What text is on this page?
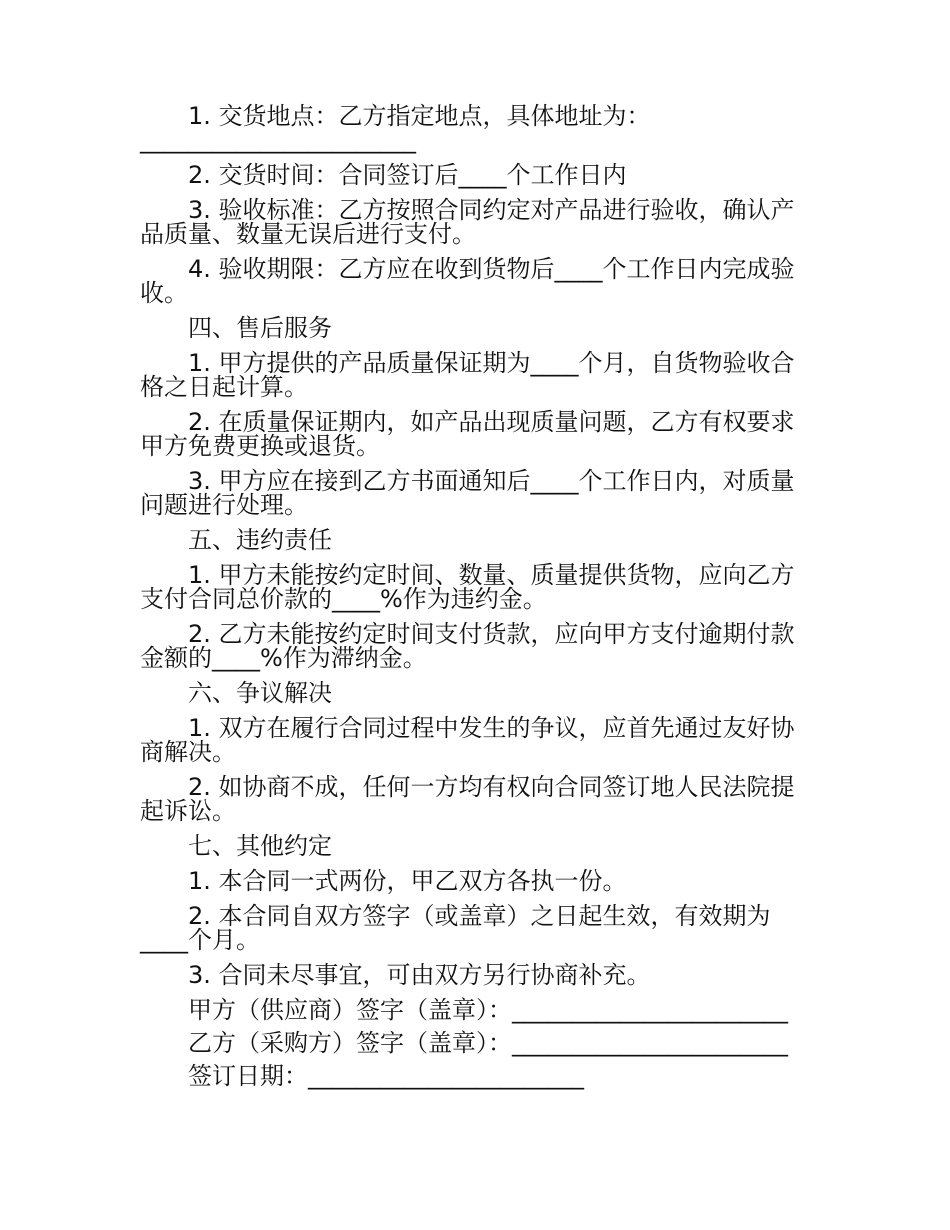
1. 交货地点：乙方指定地点，具体地址为：_______________________

2. 交货时间：合同签订后____个工作日内

3. 验收标准：乙方按照合同约定对产品进行验收，确认产品质量、数量无误后进行支付。

4. 验收期限：乙方应在收到货物后____个工作日内完成验收。

四、售后服务

1. 甲方提供的产品质量保证期为____个月，自货物验收合格之日起计算。

2. 在质量保证期内，如产品出现质量问题，乙方有权要求甲方免费更换或退货。

3. 甲方应在接到乙方书面通知后____个工作日内，对质量问题进行处理。

五、违约责任

1. 甲方未能按约定时间、数量、质量提供货物，应向乙方支付合同总价款的____%作为违约金。

2. 乙方未能按约定时间支付货款，应向甲方支付逾期付款金额的____%作为滞纳金。

六、争议解决

1. 双方在履行合同过程中发生的争议，应首先通过友好协商解决。

2. 如协商不成，任何一方均有权向合同签订地人民法院提起诉讼。

七、其他约定

1. 本合同一式两份，甲乙双方各执一份。

2. 本合同自双方签字（或盖章）之日起生效，有效期为____个月。

3. 合同未尽事宜，可由双方另行协商补充。

甲方（供应商）签字（盖章）：_______________________

乙方（采购方）签字（盖章）：_______________________

签订日期：_______________________
